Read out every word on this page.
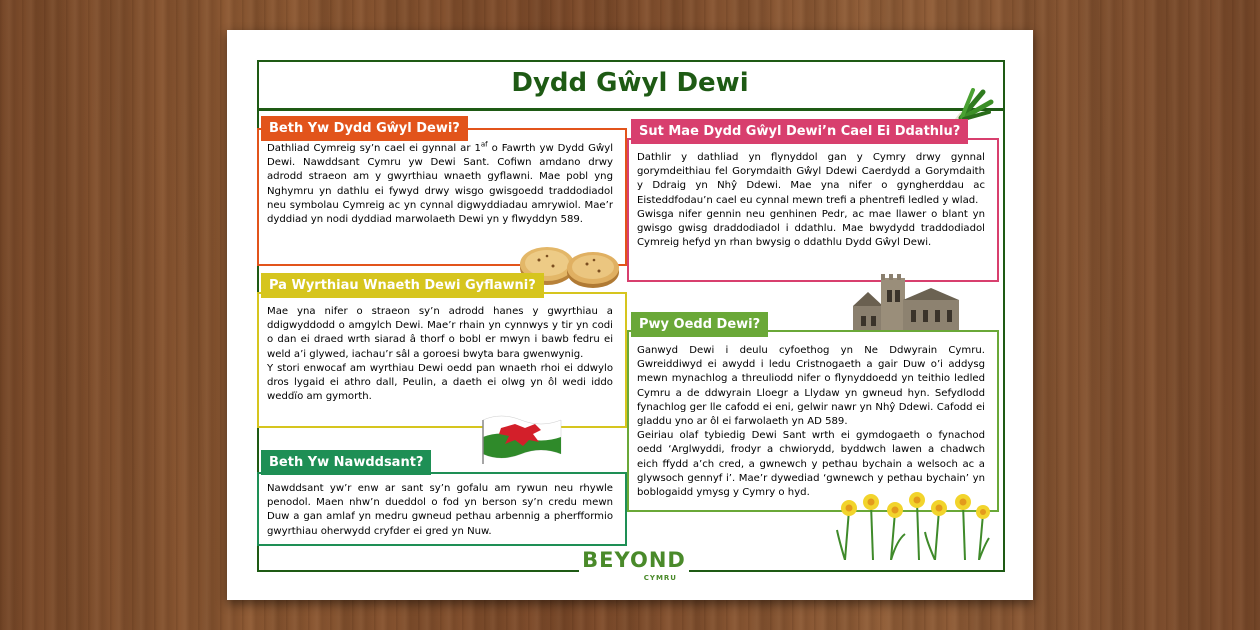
Dydd Gŵyl Dewi
Beth Yw Dydd Gŵyl Dewi?

Dathliad Cymreig sy’n cael ei gynnal ar $1^{af}$ o Fawrth yw Dydd Gŵyl Dewi. Nawddsant Cymru yw Dewi Sant. Cofiwn amdano drwy adrodd straeon am y gwyrthiau wnaeth gyflawni. Mae pobl yng Nghymru yn dathlu ei fywyd drwy wisgo gwisgoedd traddodiadol neu symbolau Cymreig ac yn cynnal digwyddiadau amrywiol. Mae’r dyddiad yn nodi dyddiad marwolaeth Dewi yn y flwyddyn 589.

Pa Wyrthiau Wnaeth Dewi Gyflawni?

Mae yna nifer o straeon sy’n adrodd hanes y gwyrthiau a ddigwyddodd o amgylch Dewi. Mae’r rhain yn cynnwys y tir yn codi o dan ei draed wrth siarad â thorf o bobl er mwyn i bawb fedru ei weld a’i glywed, iachau’r sâl a goroesi bwyta bara gwenwynig.

Y stori enwocaf am wyrthiau Dewi oedd pan wnaeth rhoi ei ddwylo dros lygaid ei athro dall, Peulin, a daeth ei olwg yn ôl wedi iddo weddïo am gymorth.

Beth Yw Nawddsant?

Nawddsant yw’r enw ar sant sy’n gofalu am rywun neu rhywle penodol. Maen nhw’n dueddol o fod yn berson sy’n credu mewn Duw a gan amlaf yn medru gwneud pethau arbennig a pherfformio gwyrthiau oherwydd cryfder ei gred yn Nuw.

Sut Mae Dydd Gŵyl Dewi’n Cael Ei Ddathlu?

Dathlir y dathliad yn flynyddol gan y Cymry drwy gynnal gorymdeithiau fel Gorymdaith Gŵyl Ddewi Caerdydd a Gorymdaith y Ddraig yn Nhŷ Ddewi. Mae yna nifer o gyngherddau ac Eisteddfodau’n cael eu cynnal mewn trefi a phentrefi ledled y wlad.

Gwisga nifer gennin neu genhinen Pedr, ac mae llawer o blant yn gwisgo gwisg draddodiadol i ddathlu. Mae bwydydd traddodiadol Cymreig hefyd yn rhan bwysig o ddathlu Dydd Gŵyl Dewi.

Pwy Oedd Dewi?

Ganwyd Dewi i deulu cyfoethog yn Ne Ddwyrain Cymru. Gwreiddiwyd ei awydd i ledu Cristnogaeth a gair Duw o’i addysg mewn mynachlog a threuliodd nifer o flynyddoedd yn teithio ledled Cymru a de ddwyrain Lloegr a Llydaw yn gwneud hyn. Sefydlodd fynachlog ger lle cafodd ei eni, gelwir nawr yn Nhŷ Ddewi. Cafodd ei gladdu yno ar ôl ei farwolaeth yn AD 589.

Geiriau olaf tybiedig Dewi Sant wrth ei gymdogaeth o fynachod oedd ‘Arglwyddi, frodyr a chwiorydd, byddwch lawen a chadwch eich ffydd a’ch cred, a gwnewch y pethau bychain a welsoch ac a glywsoch gennyf i’. Mae’r dywediad ‘gwnewch y pethau bychain’ yn boblogaidd ymysg y Cymry o hyd.

BEYOND
CYMRU
